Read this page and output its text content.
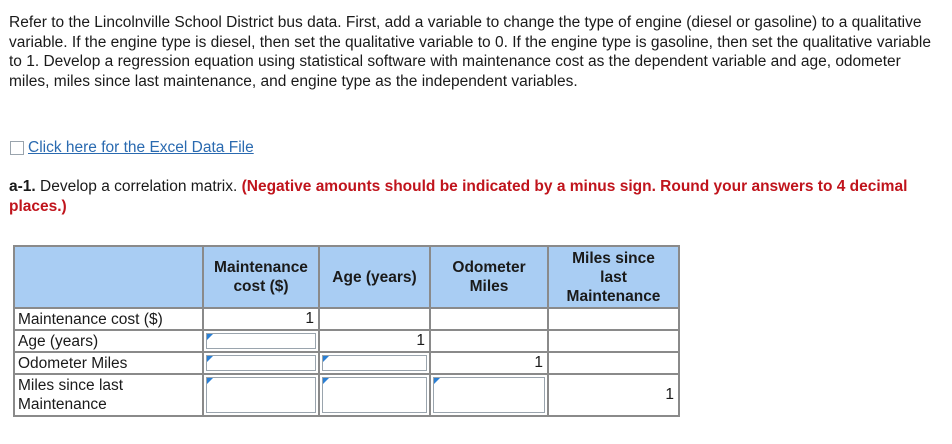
Refer to the Lincolnville School District bus data. First, add a variable to change the type of engine (diesel or gasoline) to a qualitative variable. If the engine type is diesel, then set the qualitative variable to 0. If the engine type is gasoline, then set the qualitative variable to 1. Develop a regression equation using statistical software with maintenance cost as the dependent variable and age, odometer miles, miles since last maintenance, and engine type as the independent variables.

Click here for the Excel Data File

a-1. Develop a correlation matrix. (Negative amounts should be indicated by a minus sign. Round your answers to 4 decimal places.)

	Maintenance cost ($)	Age (years)	Odometer Miles	Miles since last Maintenance
Maintenance cost ($)	1			
Age (years)		1		
Odometer Miles			1	
Miles since last Maintenance				1
